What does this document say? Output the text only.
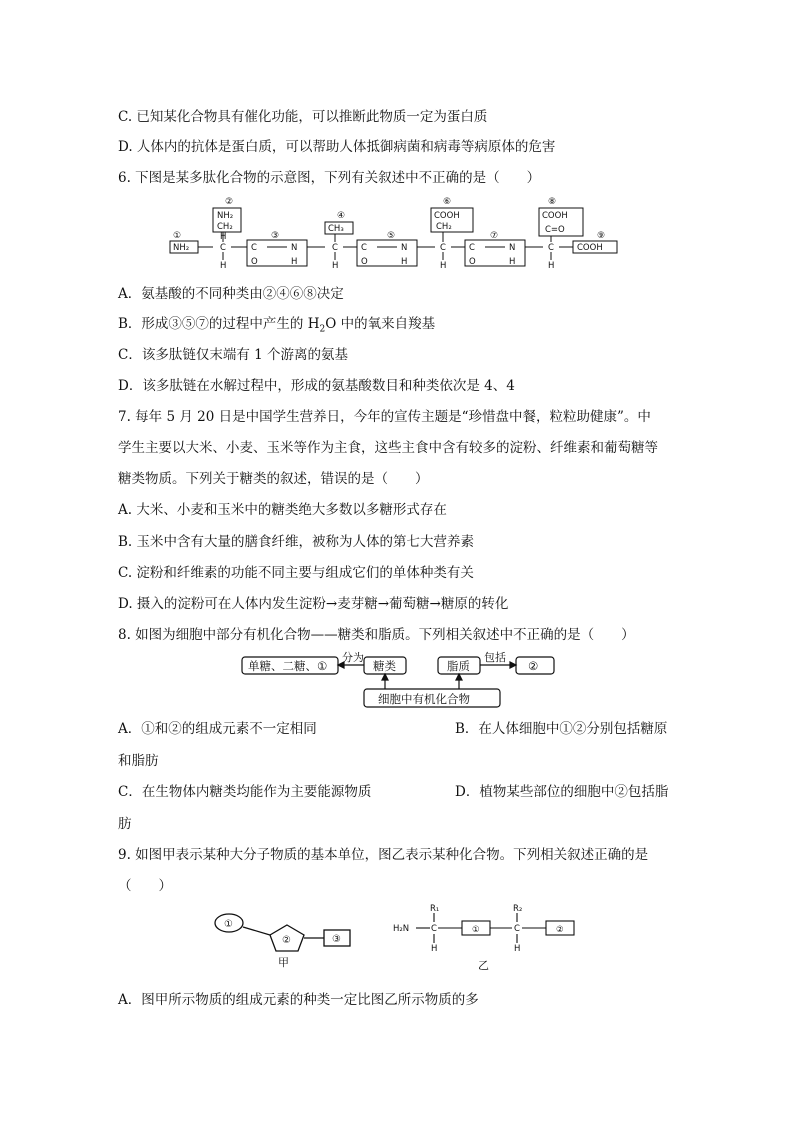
C. 已知某化合物具有催化功能，可以推断此物质一定为蛋白质
D. 人体内的抗体是蛋白质，可以帮助人体抵御病菌和病毒等病原体的危害
6. 下图是某多肽化合物的示意图，下列有关叙述中不正确的是（　　）
①
②
③
④
⑤
⑥
⑦
⑧
⑨
NH₂
NH₂
CH₂
C
H
H
C
O
N
H
CH₃
C
H
C
O
N
H
COOH
CH₂
C
H
C
O
N
H
COOH
C=O
C
H
COOH
A．氨基酸的不同种类由②④⑥⑧决定
B．形成③⑤⑦的过程中产生的 $H_2O$ 中的氧来自羧基
C．该多肽链仅末端有 1 个游离的氨基
D．该多肽链在水解过程中，形成的氨基酸数目和种类依次是 4、4
7. 每年 5 月 20 日是中国学生营养日，今年的宣传主题是“珍惜盘中餐，粒粒助健康”。中
学生主要以大米、小麦、玉米等作为主食，这些主食中含有较多的淀粉、纤维素和葡萄糖等
糖类物质。下列关于糖类的叙述，错误的是（　　）
A. 大米、小麦和玉米中的糖类绝大多数以多糖形式存在
B. 玉米中含有大量的膳食纤维，被称为人体的第七大营养素
C. 淀粉和纤维素的功能不同主要与组成它们的单体种类有关
D. 摄入的淀粉可在人体内发生淀粉→麦芽糖→葡萄糖→糖原的转化
8. 如图为细胞中部分有机化合物——糖类和脂质。下列相关叙述中不正确的是（　　）
单糖、二糖、①
分为
糖类	脂质
包括
②
细胞中有机化合物
A．①和②的组成元素不一定相同	B．在人体细胞中①②分别包括糖原
和脂肪
C．在生物体内糖类均能作为主要能源物质	D．植物某些部位的细胞中②包括脂
肪
9. 如图甲表示某种大分子物质的基本单位，图乙表示某种化合物。下列相关叙述正确的是
（　　）
①
②	③
甲
H₂N
R₁
C
H
①
R₂
C
H
②
乙
A．图甲所示物质的组成元素的种类一定比图乙所示物质的多
